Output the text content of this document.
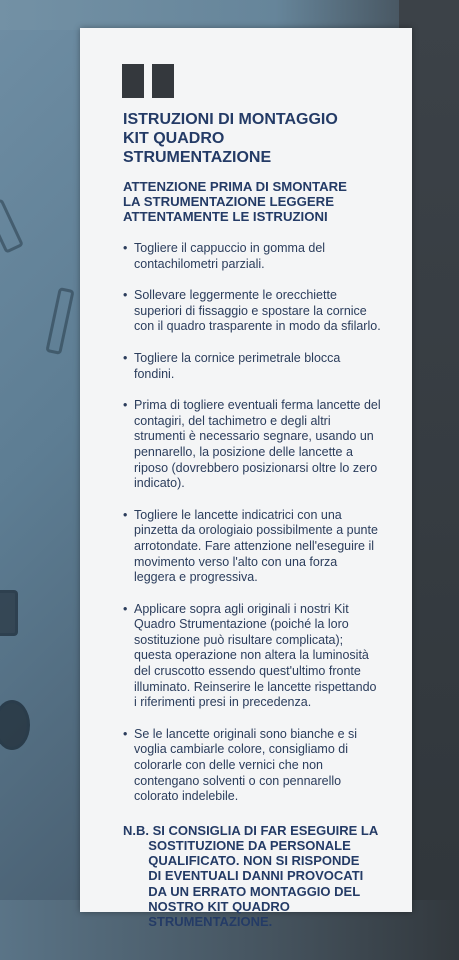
ISTRUZIONI DI MONTAGGIO
KIT QUADRO
STRUMENTAZIONE

ATTENZIONE PRIMA DI SMONTARE
LA STRUMENTAZIONE LEGGERE
ATTENTAMENTE LE ISTRUZIONI

• Togliere il cappuccio in gomma del
contachilometri parziali.
• Sollevare leggermente le orecchiette
superiori di fissaggio e spostare la cornice
con il quadro trasparente in modo da sfilarlo.
• Togliere la cornice perimetrale blocca
fondini.
• Prima di togliere eventuali ferma lancette del
contagiri, del tachimetro e degli altri
strumenti è necessario segnare, usando un
pennarello, la posizione delle lancette a
riposo (dovrebbero posizionarsi oltre lo zero
indicato).
• Togliere le lancette indicatrici con una
pinzetta da orologiaio possibilmente a punte
arrotondate. Fare attenzione nell'eseguire il
movimento verso l'alto con una forza
leggera e progressiva.
• Applicare sopra agli originali i nostri Kit
Quadro Strumentazione (poiché la loro
sostituzione può risultare complicata);
questa operazione non altera la luminosità
del cruscotto essendo quest'ultimo fronte
illuminato. Reinserire le lancette rispettando
i riferimenti presi in precedenza.
• Se le lancette originali sono bianche e si
voglia cambiarle colore, consigliamo di
colorarle con delle vernici che non
contengano solventi o con pennarello
colorato indelebile.

N.B. SI CONSIGLIA DI FAR ESEGUIRE LA
SOSTITUZIONE DA PERSONALE
QUALIFICATO. NON SI RISPONDE
DI EVENTUALI DANNI PROVOCATI
DA UN ERRATO MONTAGGIO DEL
NOSTRO KIT QUADRO
STRUMENTAZIONE.
